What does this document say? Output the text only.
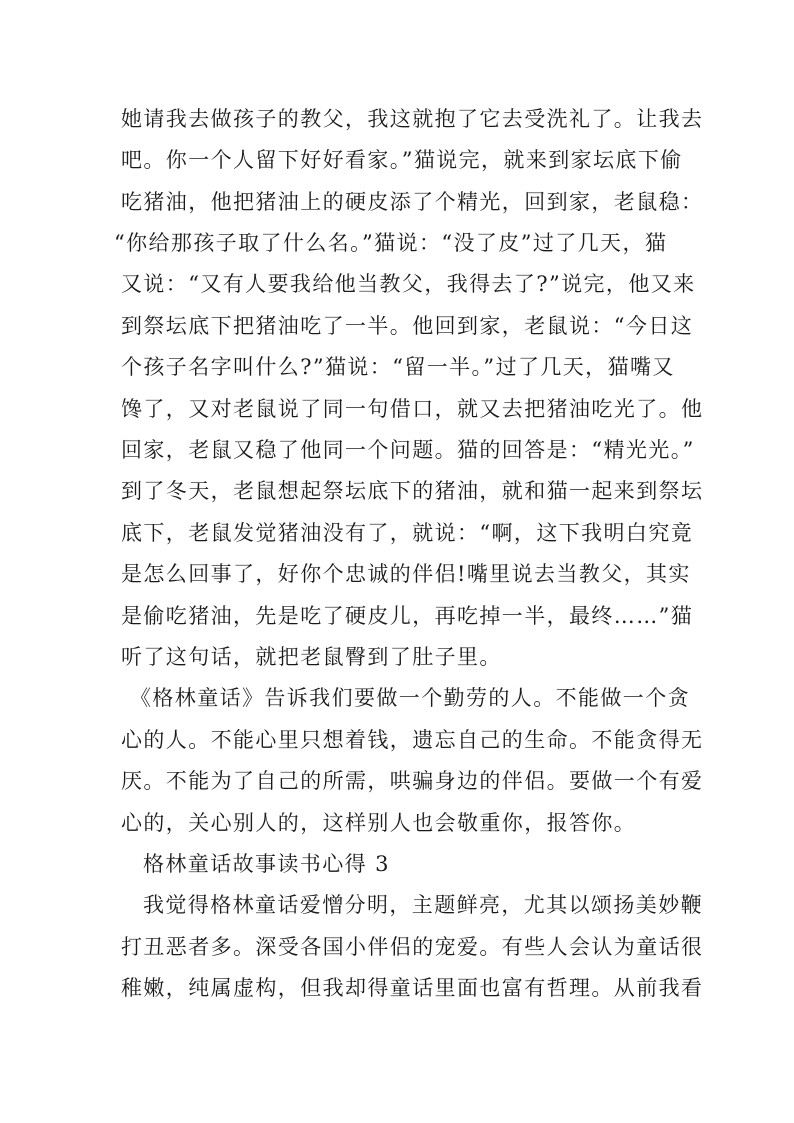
她请我去做孩子的教父，我这就抱了它去受洗礼了。让我去
吧。你一个人留下好好看家。”猫说完，就来到家坛底下偷
吃猪油，他把猪油上的硬皮添了个精光，回到家，老鼠稳：
“你给那孩子取了什么名。”猫说：“没了皮”过了几天，猫
又说：“又有人要我给他当教父，我得去了?”说完，他又来
到祭坛底下把猪油吃了一半。他回到家，老鼠说：“今日这
个孩子名字叫什么?”猫说：“留一半。”过了几天，猫嘴又
馋了，又对老鼠说了同一句借口，就又去把猪油吃光了。他
回家，老鼠又稳了他同一个问题。猫的回答是：“精光光。”
到了冬天，老鼠想起祭坛底下的猪油，就和猫一起来到祭坛
底下，老鼠发觉猪油没有了，就说：“啊，这下我明白究竟
是怎么回事了，好你个忠诚的伴侣!嘴里说去当教父，其实
是偷吃猪油，先是吃了硬皮儿，再吃掉一半，最终……”猫
听了这句话，就把老鼠臀到了肚子里。
《格林童话》告诉我们要做一个勤劳的人。不能做一个贪
心的人。不能心里只想着钱，遗忘自己的生命。不能贪得无
厌。不能为了自己的所需，哄骗身边的伴侣。要做一个有爱
心的，关心别人的，这样别人也会敬重你，报答你。
格林童话故事读书心得 3
我觉得格林童话爱憎分明，主题鲜亮，尤其以颂扬美妙鞭
打丑恶者多。深受各国小伴侣的宠爱。有些人会认为童话很
稚嫩，纯属虚构，但我却得童话里面也富有哲理。从前我看
